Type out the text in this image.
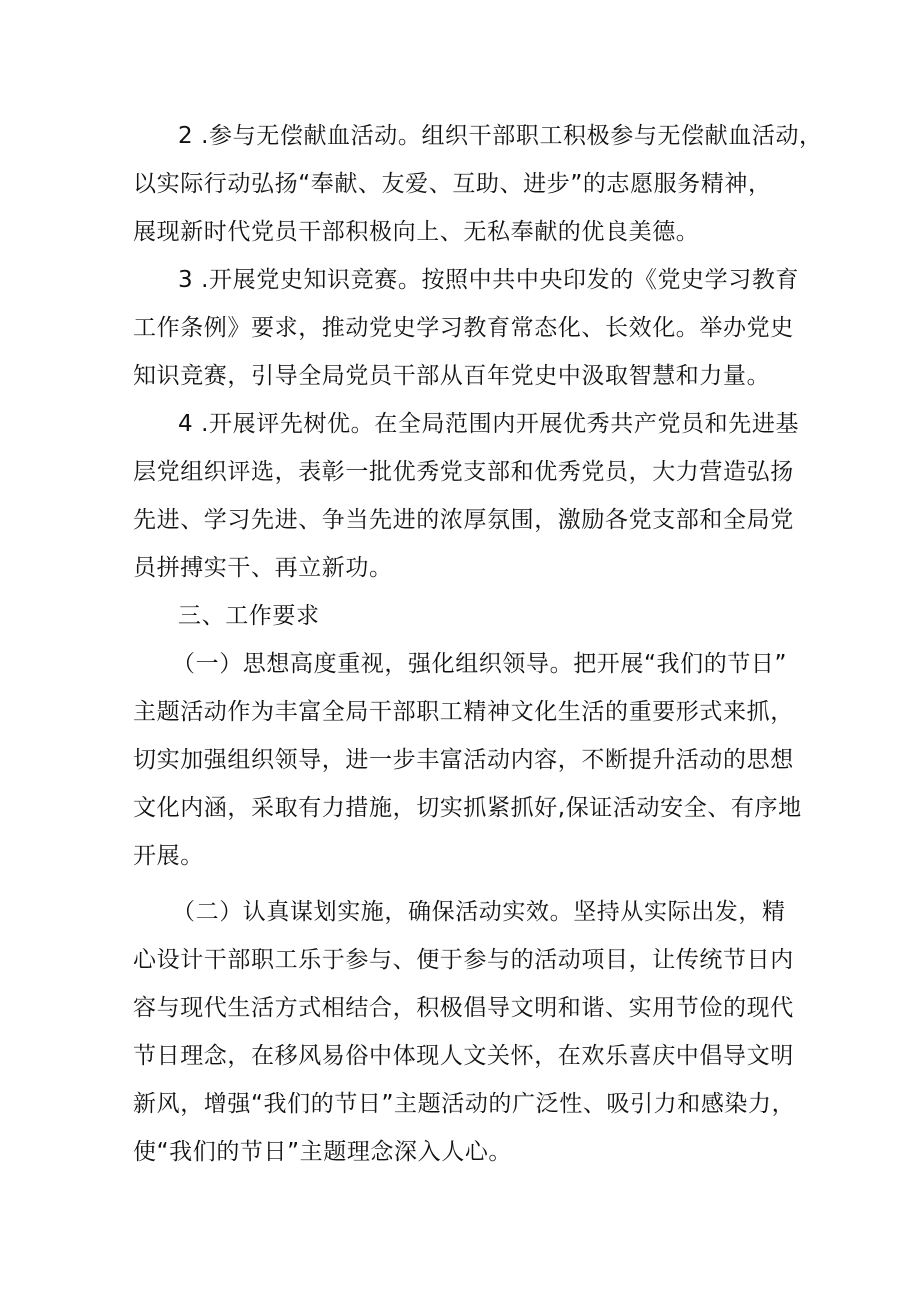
2 .参与无偿献血活动。组织干部职工积极参与无偿献血活动，
以实际行动弘扬“奉献、友爱、互助、进步”的志愿服务精神，
展现新时代党员干部积极向上、无私奉献的优良美德。
3 .开展党史知识竞赛。按照中共中央印发的《党史学习教育
工作条例》要求，推动党史学习教育常态化、长效化。举办党史
知识竞赛，引导全局党员干部从百年党史中汲取智慧和力量。
4 .开展评先树优。在全局范围内开展优秀共产党员和先进基
层党组织评选，表彰一批优秀党支部和优秀党员，大力营造弘扬
先进、学习先进、争当先进的浓厚氛围，激励各党支部和全局党
员拼搏实干、再立新功。
三、工作要求
（一）思想高度重视，强化组织领导。把开展“我们的节日”
主题活动作为丰富全局干部职工精神文化生活的重要形式来抓，
切实加强组织领导，进一步丰富活动内容，不断提升活动的思想
文化内涵，采取有力措施，切实抓紧抓好,保证活动安全、有序地
开展。
（二）认真谋划实施，确保活动实效。坚持从实际出发，精
心设计干部职工乐于参与、便于参与的活动项目，让传统节日内
容与现代生活方式相结合，积极倡导文明和谐、实用节俭的现代
节日理念，在移风易俗中体现人文关怀，在欢乐喜庆中倡导文明
新风，增强“我们的节日”主题活动的广泛性、吸引力和感染力，
使“我们的节日”主题理念深入人心。
